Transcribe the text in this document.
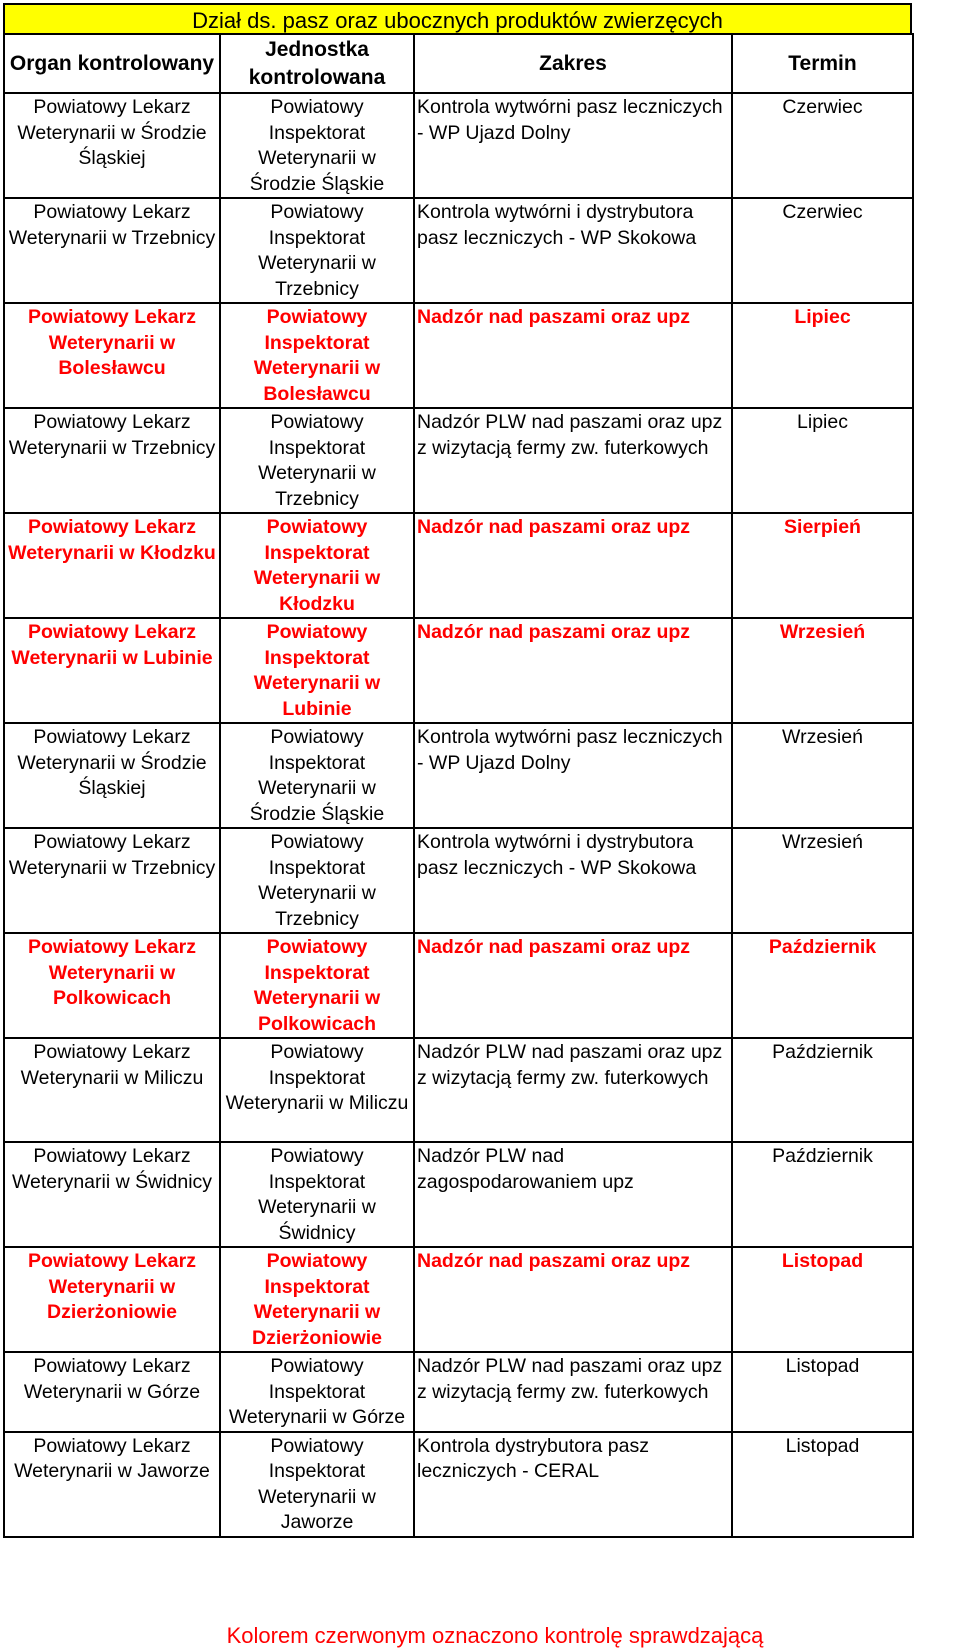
Dział ds. pasz oraz ubocznych produktów zwierzęcych
Organ kontrolowany	Jednostka kontrolowana	Zakres	Termin
Powiatowy Lekarz Weterynarii w Środzie Śląskiej	Powiatowy Inspektorat Weterynarii w Środzie Śląskie	Kontrola wytwórni pasz leczniczych - WP Ujazd Dolny	Czerwiec
Powiatowy Lekarz Weterynarii w Trzebnicy	Powiatowy Inspektorat Weterynarii w Trzebnicy	Kontrola wytwórni i dystrybutora pasz leczniczych - WP Skokowa	Czerwiec
Powiatowy Lekarz Weterynarii w Bolesławcu	Powiatowy Inspektorat Weterynarii w Bolesławcu	Nadzór nad paszami oraz upz	Lipiec
Powiatowy Lekarz Weterynarii w Trzebnicy	Powiatowy Inspektorat Weterynarii w Trzebnicy	Nadzór PLW nad paszami oraz upz z wizytacją fermy zw. futerkowych	Lipiec
Powiatowy Lekarz Weterynarii w Kłodzku	Powiatowy Inspektorat Weterynarii w Kłodzku	Nadzór nad paszami oraz upz	Sierpień
Powiatowy Lekarz Weterynarii w Lubinie	Powiatowy Inspektorat Weterynarii w Lubinie	Nadzór nad paszami oraz upz	Wrzesień
Powiatowy Lekarz Weterynarii w Środzie Śląskiej	Powiatowy Inspektorat Weterynarii w Środzie Śląskie	Kontrola wytwórni pasz leczniczych - WP Ujazd Dolny	Wrzesień
Powiatowy Lekarz Weterynarii w Trzebnicy	Powiatowy Inspektorat Weterynarii w Trzebnicy	Kontrola wytwórni i dystrybutora pasz leczniczych - WP Skokowa	Wrzesień
Powiatowy Lekarz Weterynarii w Polkowicach	Powiatowy Inspektorat Weterynarii w Polkowicach	Nadzór nad paszami oraz upz	Październik
Powiatowy Lekarz Weterynarii w Miliczu	Powiatowy Inspektorat Weterynarii w Miliczu	Nadzór PLW nad paszami oraz upz z wizytacją fermy zw. futerkowych	Październik
Powiatowy Lekarz Weterynarii w Świdnicy	Powiatowy Inspektorat Weterynarii w Świdnicy	Nadzór PLW nad zagospodarowaniem upz	Październik
Powiatowy Lekarz Weterynarii w Dzierżoniowie	Powiatowy Inspektorat Weterynarii w Dzierżoniowie	Nadzór nad paszami oraz upz	Listopad
Powiatowy Lekarz Weterynarii w Górze	Powiatowy Inspektorat Weterynarii w Górze	Nadzór PLW nad paszami oraz upz z wizytacją fermy zw. futerkowych	Listopad
Powiatowy Lekarz Weterynarii w Jaworze	Powiatowy Inspektorat Weterynarii w Jaworze	Kontrola dystrybutora pasz leczniczych - CERAL	Listopad
Kolorem czerwonym oznaczono kontrolę sprawdzającą
